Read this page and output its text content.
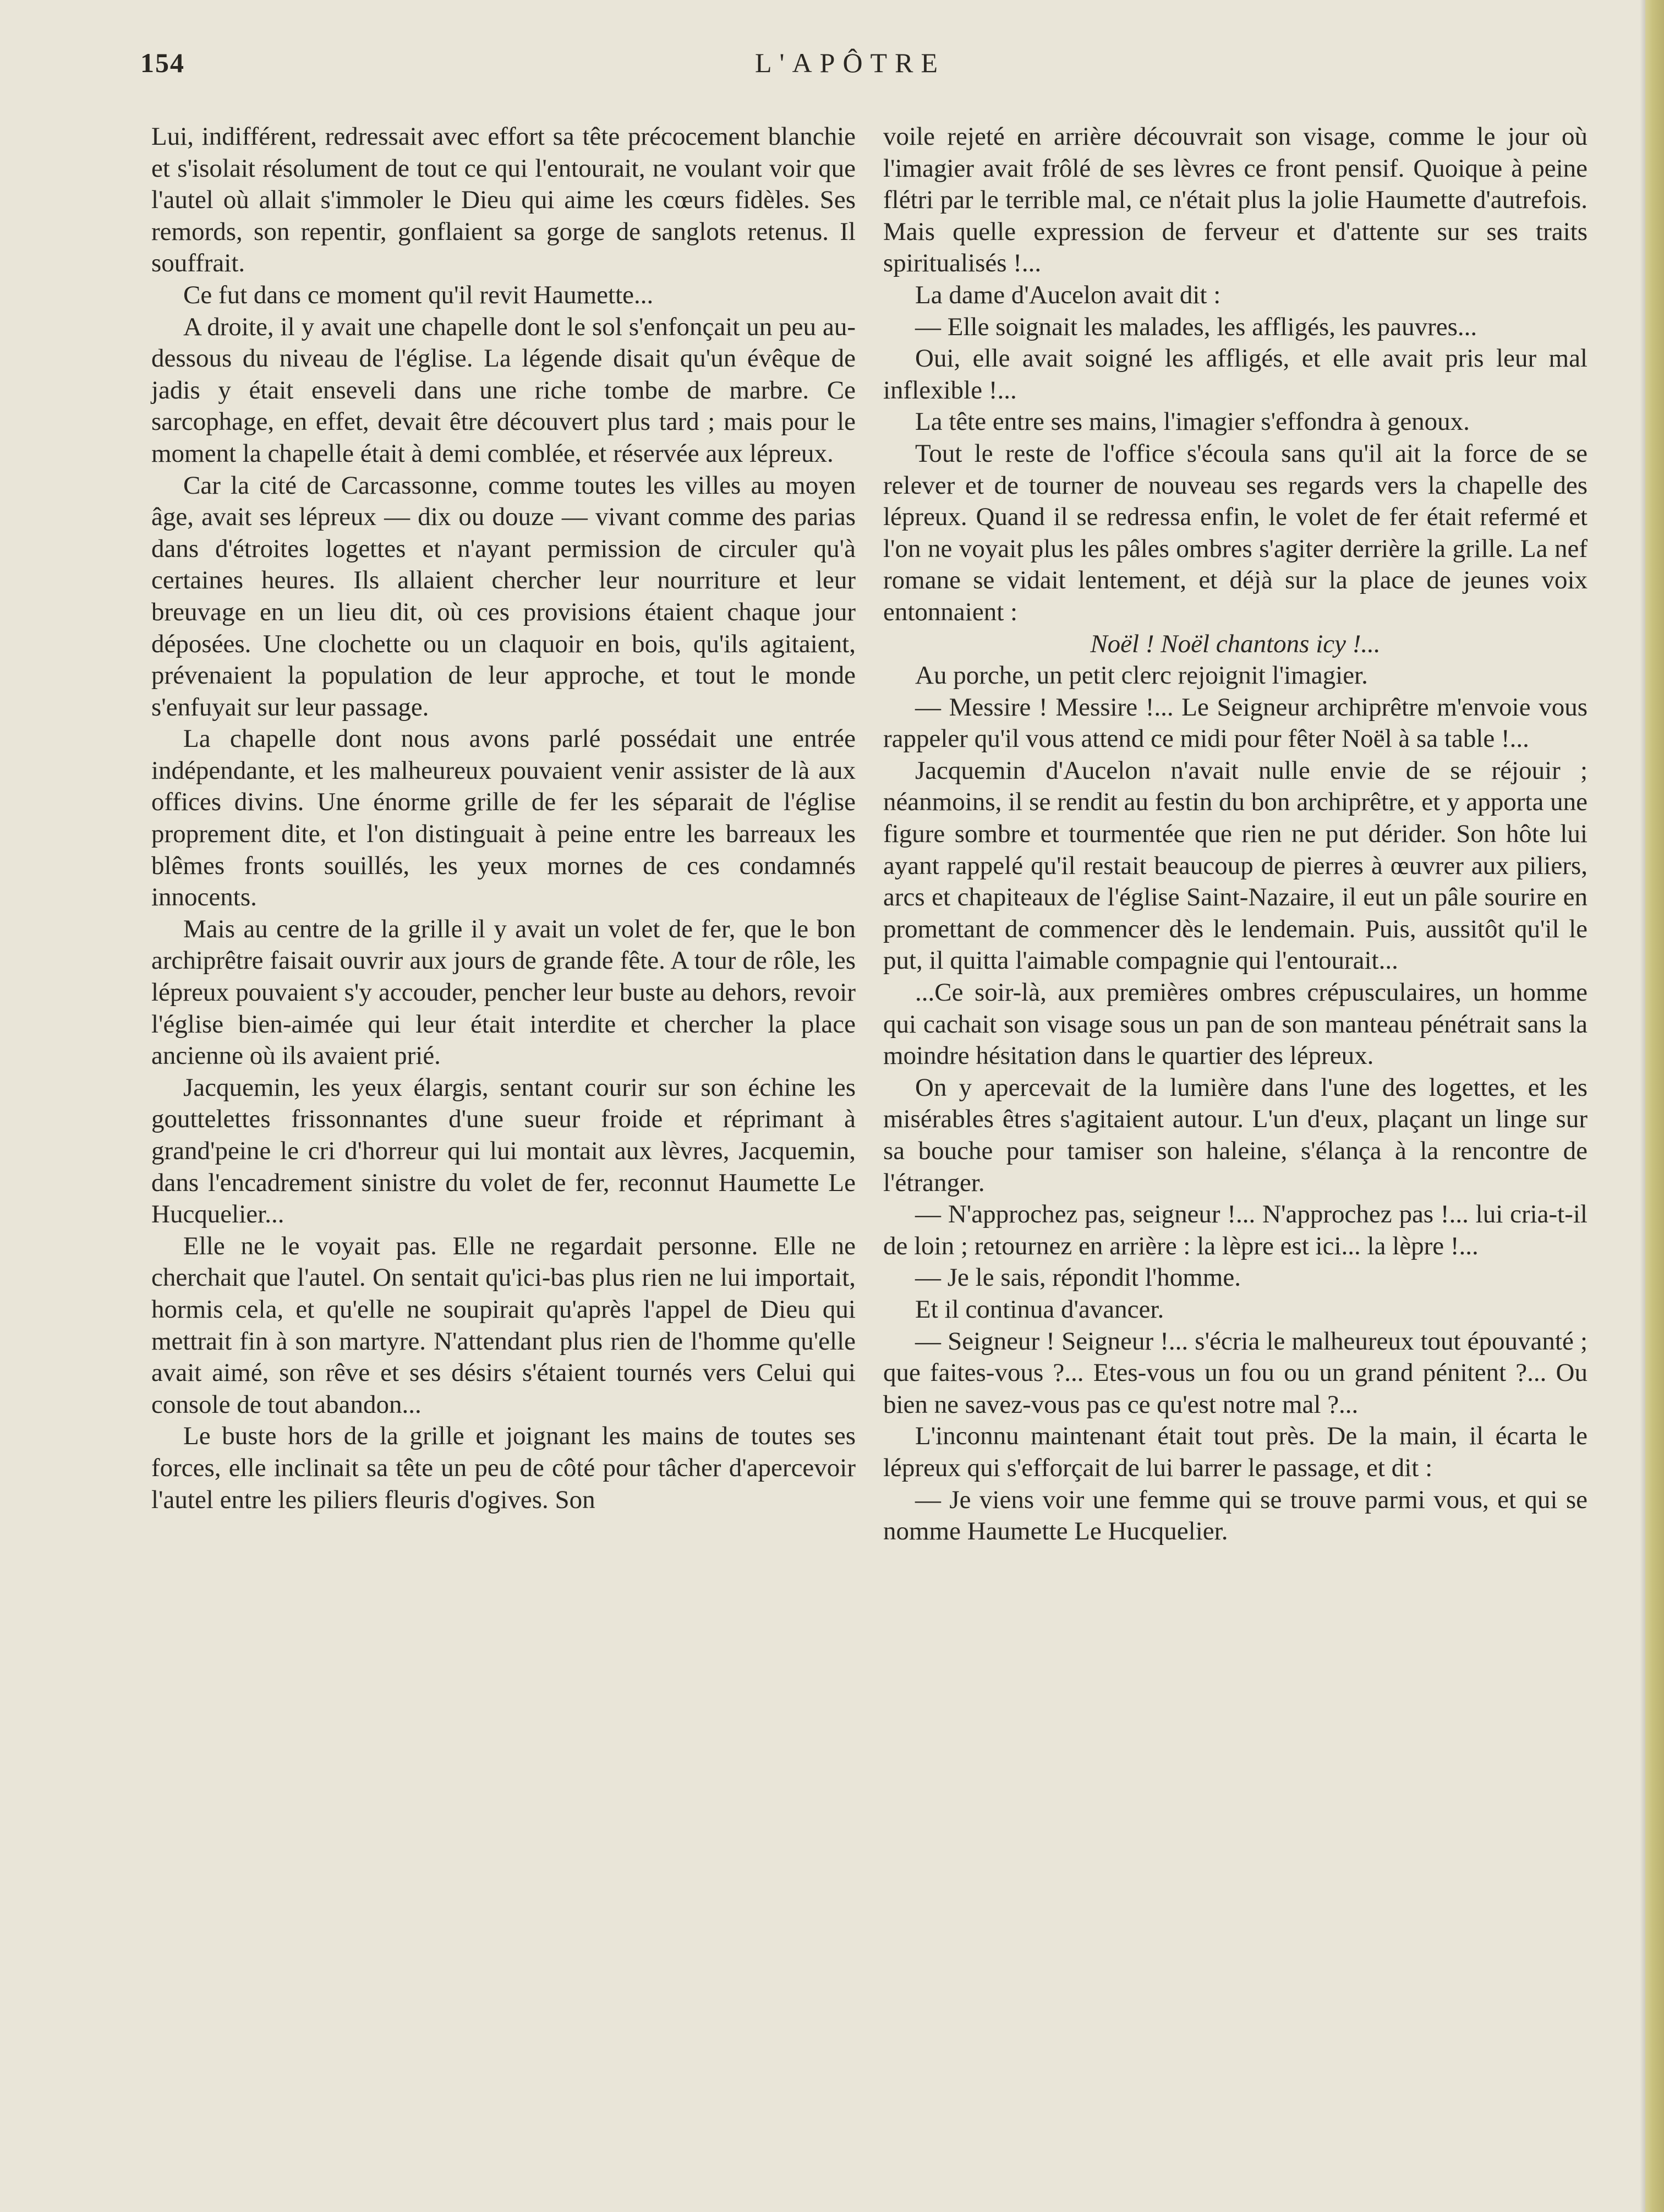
L'APÔTRE
154

Lui, indifférent, redressait avec effort sa tête précocement blanchie et s'isolait résolument de tout ce qui l'entourait, ne voulant voir que l'autel où allait s'immoler le Dieu qui aime les cœurs fidèles. Ses remords, son repentir, gonflaient sa gorge de sanglots retenus. Il souffrait.

Ce fut dans ce moment qu'il revit Haumette...

A droite, il y avait une chapelle dont le sol s'enfonçait un peu au-dessous du niveau de l'église. La légende disait qu'un évêque de jadis y était enseveli dans une riche tombe de marbre. Ce sarcophage, en effet, devait être découvert plus tard ; mais pour le moment la chapelle était à demi comblée, et réservée aux lépreux.

Car la cité de Carcassonne, comme toutes les villes au moyen âge, avait ses lépreux — dix ou douze — vivant comme des parias dans d'étroites logettes et n'ayant permission de circuler qu'à certaines heures. Ils allaient chercher leur nourriture et leur breuvage en un lieu dit, où ces provisions étaient chaque jour déposées. Une clochette ou un claquoir en bois, qu'ils agitaient, prévenaient la population de leur approche, et tout le monde s'enfuyait sur leur passage.

La chapelle dont nous avons parlé possédait une entrée indépendante, et les malheureux pouvaient venir assister de là aux offices divins. Une énorme grille de fer les séparait de l'église proprement dite, et l'on distinguait à peine entre les barreaux les blêmes fronts souillés, les yeux mornes de ces condamnés innocents.

Mais au centre de la grille il y avait un volet de fer, que le bon archiprêtre faisait ouvrir aux jours de grande fête. A tour de rôle, les lépreux pouvaient s'y accouder, pencher leur buste au dehors, revoir l'église bien-aimée qui leur était interdite et chercher la place ancienne où ils avaient prié.

Jacquemin, les yeux élargis, sentant courir sur son échine les gouttelettes frissonnantes d'une sueur froide et réprimant à grand'peine le cri d'horreur qui lui montait aux lèvres, Jacquemin, dans l'encadrement sinistre du volet de fer, reconnut Haumette Le Hucquelier...

Elle ne le voyait pas. Elle ne regardait personne. Elle ne cherchait que l'autel. On sentait qu'ici-bas plus rien ne lui importait, hormis cela, et qu'elle ne soupirait qu'après l'appel de Dieu qui mettrait fin à son martyre. N'attendant plus rien de l'homme qu'elle avait aimé, son rêve et ses désirs s'étaient tournés vers Celui qui console de tout abandon...

Le buste hors de la grille et joignant les mains de toutes ses forces, elle inclinait sa tête un peu de côté pour tâcher d'apercevoir l'autel entre les piliers fleuris d'ogives. Son

voile rejeté en arrière découvrait son visage, comme le jour où l'imagier avait frôlé de ses lèvres ce front pensif. Quoique à peine flétri par le terrible mal, ce n'était plus la jolie Haumette d'autrefois. Mais quelle expression de ferveur et d'attente sur ses traits spiritualisés !...

La dame d'Aucelon avait dit :

— Elle soignait les malades, les affligés, les pauvres...

Oui, elle avait soigné les affligés, et elle avait pris leur mal inflexible !...

La tête entre ses mains, l'imagier s'effondra à genoux.

Tout le reste de l'office s'écoula sans qu'il ait la force de se relever et de tourner de nouveau ses regards vers la chapelle des lépreux. Quand il se redressa enfin, le volet de fer était refermé et l'on ne voyait plus les pâles ombres s'agiter derrière la grille. La nef romane se vidait lentement, et déjà sur la place de jeunes voix entonnaient :

Noël ! Noël chantons icy !...

Au porche, un petit clerc rejoignit l'imagier.

— Messire ! Messire !... Le Seigneur archiprêtre m'envoie vous rappeler qu'il vous attend ce midi pour fêter Noël à sa table !...

Jacquemin d'Aucelon n'avait nulle envie de se réjouir ; néanmoins, il se rendit au festin du bon archiprêtre, et y apporta une figure sombre et tourmentée que rien ne put dérider. Son hôte lui ayant rappelé qu'il restait beaucoup de pierres à œuvrer aux piliers, arcs et chapiteaux de l'église Saint-Nazaire, il eut un pâle sourire en promettant de commencer dès le lendemain. Puis, aussitôt qu'il le put, il quitta l'aimable compagnie qui l'entourait...

...Ce soir-là, aux premières ombres crépusculaires, un homme qui cachait son visage sous un pan de son manteau pénétrait sans la moindre hésitation dans le quartier des lépreux.

On y apercevait de la lumière dans l'une des logettes, et les misérables êtres s'agitaient autour. L'un d'eux, plaçant un linge sur sa bouche pour tamiser son haleine, s'élança à la rencontre de l'étranger.

— N'approchez pas, seigneur !... N'approchez pas !... lui cria-t-il de loin ; retournez en arrière : la lèpre est ici... la lèpre !...

— Je le sais, répondit l'homme.

Et il continua d'avancer.

— Seigneur ! Seigneur !... s'écria le malheureux tout épouvanté ; que faites-vous ?... Etes-vous un fou ou un grand pénitent ?... Ou bien ne savez-vous pas ce qu'est notre mal ?...

L'inconnu maintenant était tout près. De la main, il écarta le lépreux qui s'efforçait de lui barrer le passage, et dit :

— Je viens voir une femme qui se trouve parmi vous, et qui se nomme Haumette Le Hucquelier.
